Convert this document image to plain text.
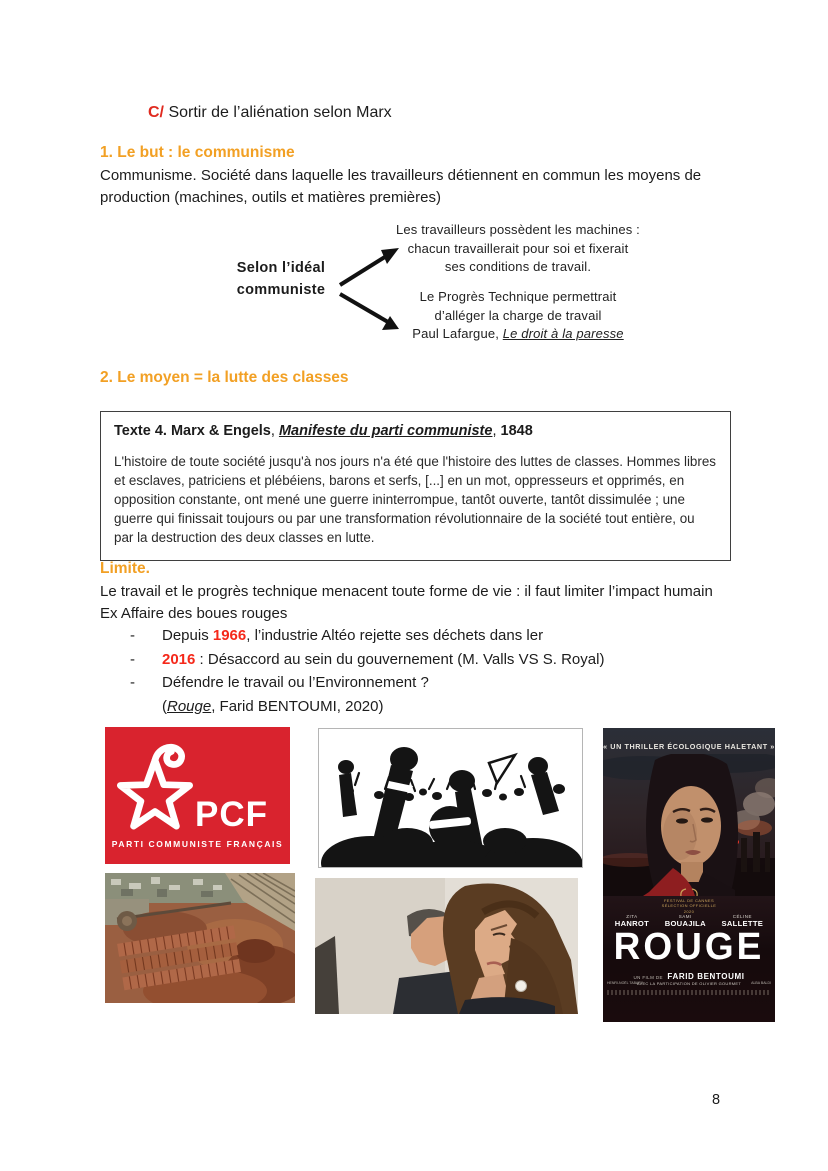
C/ Sortir de l’aliénation selon Marx
1. Le but : le communisme
Communisme. Société dans laquelle les travailleurs détiennent en commun les moyens de
production (machines, outils et matières premières)
Selon l’idéal
communiste
Les travailleurs possèdent les machines :
chacun travaillerait pour soi et fixerait
ses conditions de travail.
Le Progrès Technique permettrait
d’alléger la charge de travail
Paul Lafargue, Le droit à la paresse
2. Le moyen = la lutte des classes
Texte 4. Marx & Engels, Manifeste du parti communiste, 1848
L'histoire de toute société jusqu'à nos jours n'a été que l'histoire des luttes de classes. Hommes libres et esclaves, patriciens et plébéiens, barons et serfs, [...] en un mot, oppresseurs et opprimés, en opposition constante, ont mené une guerre ininterrompue, tantôt ouverte, tantôt dissimulée ; une guerre qui finissait toujours ou par une transformation révolutionnaire de la société tout entière, ou par la destruction des deux classes en lutte.
Limite.
Le travail et le progrès technique menacent toute forme de vie : il faut limiter l’impact humain
Ex Affaire des boues rouges
-	Depuis 1966, l’industrie Altéo rejette ses déchets dans ler
-	2016 : Désaccord au sein du gouvernement (M. Valls VS S. Royal)
-	Défendre le travail ou l’Environnement ?
(Rouge, Farid BENTOUMI, 2020)
PCF
PARTI COMMUNISTE FRANÇAIS
« UN THRILLER ÉCOLOGIQUE HALETANT »
FESTIVAL DE CANNES
SÉLECTION OFFICIELLE
2020
ZITA
HANROT
SAMI
BOUAJILA
CÉLINE
SALLETTE
ROUGE
UN FILM DE FARID BENTOUMI
HENRI-NOËL TABARY
AVEC LA PARTICIPATION DE OLIVIER GOURMET	ALBA BALDI
8
